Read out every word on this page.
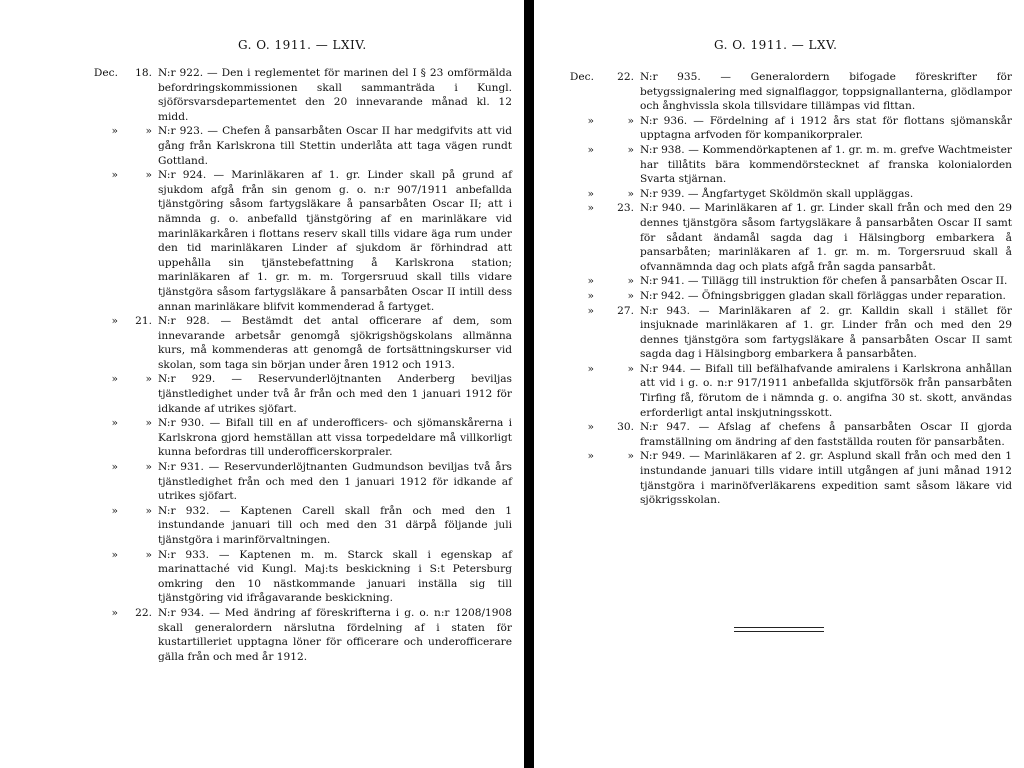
G. O. 1911. — LXIV.
Dec.	18. N:r 922. — Den i reglementet för marinen del I § 23 omförmälda befordringskommissionen skall sammanträda i Kungl. sjöförsvarsdepartementet den 20 innevarande månad kl. 12 midd.
»	» N:r 923. — Chefen å pansarbåten Oscar II har medgifvits att vid gång från Karlskrona till Stettin underlåta att taga vägen rundt Gottland.
»	» N:r 924. — Marinläkaren af 1. gr. Linder skall på grund af sjukdom afgå från sin genom g. o. n:r 907/1911 anbefallda tjänstgöring såsom fartygsläkare å pansarbåten Oscar II; att i nämnda g. o. anbefalld tjänstgöring af en marinläkare vid marinläkarkåren i flottans reserv skall tills vidare äga rum under den tid marinläkaren Linder af sjukdom är förhindrad att uppehålla sin tjänstebefattning å Karlskrona station; marinläkaren af 1. gr. m. m. Torgersruud skall tills vidare tjänstgöra såsom fartygsläkare å pansarbåten Oscar II intill dess annan marinläkare blifvit kommenderad å fartyget.
»	21. N:r 928. — Bestämdt det antal officerare af dem, som innevarande arbetsår genomgå sjökrigshögskolans allmänna kurs, må kommenderas att genomgå de fortsättningskurser vid skolan, som taga sin början under åren 1912 och 1913.
»	» N:r 929. — Reservunderlöjtnanten Anderberg beviljas tjänstledighet under två år från och med den 1 januari 1912 för idkande af utrikes sjöfart.
»	» N:r 930. — Bifall till en af underofficers- och sjömanskårerna i Karlskrona gjord hemställan att vissa torpedeldare må villkorligt kunna befordras till underofficerskorpraler.
»	» N:r 931. — Reservunderlöjtnanten Gudmundson beviljas två års tjänstledighet från och med den 1 januari 1912 för idkande af utrikes sjöfart.
»	» N:r 932. — Kaptenen Carell skall från och med den 1 instundande januari till och med den 31 därpå följande juli tjänstgöra i marinförvaltningen.
»	» N:r 933. — Kaptenen m. m. Starck skall i egenskap af marinattaché vid Kungl. Maj:ts beskickning i S:t Petersburg omkring den 10 nästkommande januari inställa sig till tjänstgöring vid ifrågavarande beskickning.
»	22. N:r 934. — Med ändring af föreskrifterna i g. o. n:r 1208/1908 skall generalordern närslutna fördelning af i staten för kustartilleriet upptagna löner för officerare och underofficerare gälla från och med år 1912.
G. O. 1911. — LXV.
Dec.	22. N:r 935. — Generalordern bifogade föreskrifter för betygssignalering med signalflaggor, toppsignallanterna, glödlampor och ånghvissla skola tillsvidare tillämpas vid flttan.
»	» N:r 936. — Fördelning af i 1912 års stat för flottans sjömanskår upptagna arfvoden för kompanikorpraler.
»	» N:r 938. — Kommendörkaptenen af 1. gr. m. m. grefve Wachtmeister har tillåtits bära kommendörstecknet af franska kolonialorden Svarta stjärnan.
»	» N:r 939. — Ångfartyget Sköldmön skall uppläggas.
»	23. N:r 940. — Marinläkaren af 1. gr. Linder skall från och med den 29 dennes tjänstgöra såsom fartygsläkare å pansarbåten Oscar II samt för sådant ändamål sagda dag i Hälsingborg embarkera å pansarbåten; marinläkaren af 1. gr. m. m. Torgersruud skall å ofvannämnda dag och plats afgå från sagda pansarbåt.
»	» N:r 941. — Tillägg till instruktion för chefen å pansarbåten Oscar II.
»	» N:r 942. — Öfningsbriggen gladan skall förläggas under reparation.
»	27. N:r 943. — Marinläkaren af 2. gr. Kalldin skall i stället för insjuknade marinläkaren af 1. gr. Linder från och med den 29 dennes tjänstgöra som fartygsläkare å pansarbåten Oscar II samt sagda dag i Hälsingborg embarkera å pansarbåten.
»	» N:r 944. — Bifall till befälhafvande amiralens i Karlskrona anhållan att vid i g. o. n:r 917/1911 anbefallda skjutförsök från pansarbåten Tirfing få, förutom de i nämnda g. o. angifna 30 st. skott, användas erforderligt antal inskjutningsskott.
»	30. N:r 947. — Afslag af chefens å pansarbåten Oscar II gjorda framställning om ändring af den fastställda routen för pansarbåten.
»	» N:r 949. — Marinläkaren af 2. gr. Asplund skall från och med den 1 instundande januari tills vidare intill utgången af juni månad 1912 tjänstgöra i marinöfverläkarens expedition samt såsom läkare vid sjökrigsskolan.
